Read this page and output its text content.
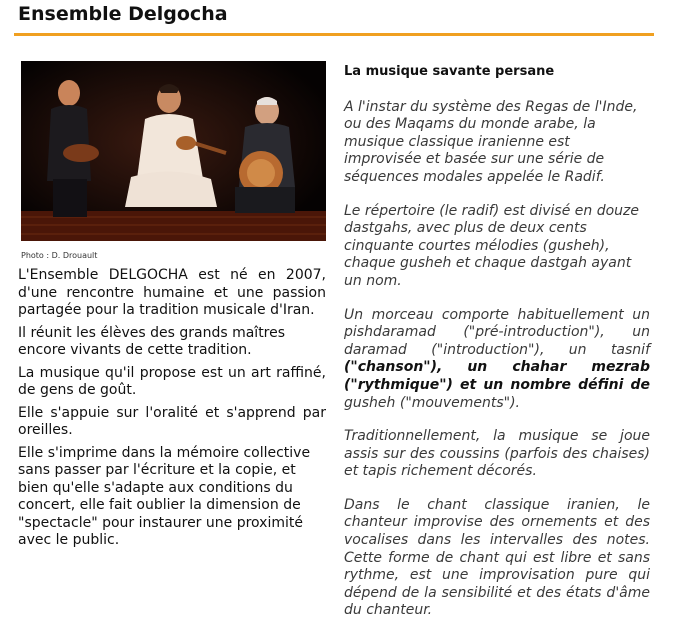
Ensemble Delgocha
Photo : D. Drouault

L'Ensemble DELGOCHA est né en 2007, d'une rencontre humaine et une passion partagée pour la tradition musicale d'Iran.

Il réunit les élèves des grands maîtres encore vivants de cette tradition.

La musique qu'il propose est un art raffiné, de gens de goût.

Elle s'appuie sur l'oralité et s'apprend par oreilles.

Elle s'imprime dans la mémoire collective sans passer par l'écriture et la copie, et bien qu'elle s'adapte aux conditions du concert, elle fait oublier la dimension de "spectacle" pour instaurer une proximité avec le public.

La musique savante persane

A l'instar du système des Regas de l'Inde, ou des Maqams du monde arabe, la musique classique iranienne est improvisée et basée sur une série de séquences modales appelée le Radif.

Le répertoire (le radif) est divisé en douze dastgahs, avec plus de deux cents cinquante courtes mélodies (gusheh), chaque gusheh et chaque dastgah ayant un nom.

Un morceau comporte habituellement un pishdaramad ("pré-introduction"), un daramad ("introduction"), un tasnif ("chanson"), un chahar mezrab ("rythmique") et un nombre défini de gusheh ("mouvements").

Traditionnellement, la musique se joue assis sur des coussins (parfois des chaises) et tapis richement décorés.

Dans le chant classique iranien, le chanteur improvise des ornements et des vocalises dans les intervalles des notes. Cette forme de chant qui est libre et sans rythme, est une improvisation pure qui dépend de la sensibilité et des états d'âme du chanteur.
